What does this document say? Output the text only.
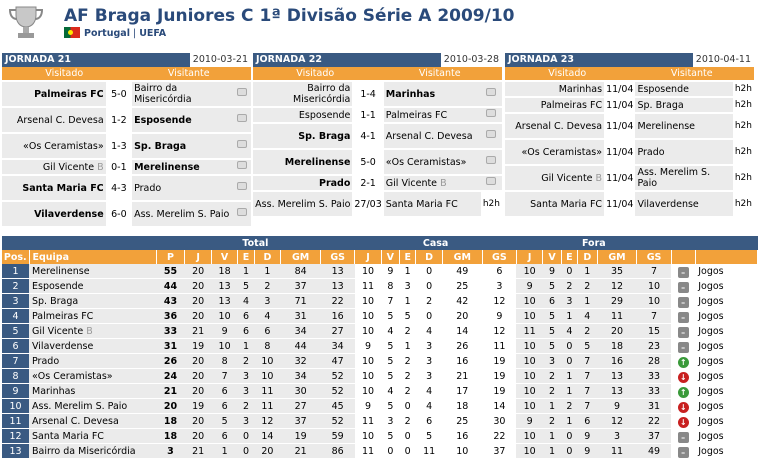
AF Braga Juniores C 1ª Divisão Série A 2009/10
Portugal | UEFA
JORNADA 21	2010-03-21
Visitado	Visitante
Palmeiras FC	5-0	Bairro da Misericórdia	
Arsenal C. Devesa	1-2	Esposende	
«Os Ceramistas»	1-3	Sp. Braga	
Gil Vicente B	0-1	Merelinense	
Santa Maria FC	4-3	Prado	
Vilaverdense	6-0	Ass. Merelim S. Paio	
JORNADA 22	2010-03-28
Visitado	Visitante
Bairro da Misericórdia	1-4	Marinhas	
Esposende	1-1	Palmeiras FC	
Sp. Braga	4-1	Arsenal C. Devesa	
Merelinense	5-0	«Os Ceramistas»	
Prado	2-1	Gil Vicente B	
Ass. Merelim S. Paio	27/03	Santa Maria FC	h2h
JORNADA 23	2010-04-11
Visitado	Visitante
Marinhas	11/04	Esposende	h2h
Palmeiras FC	11/04	Sp. Braga	h2h
Arsenal C. Devesa	11/04	Merelinense	h2h
«Os Ceramistas»	11/04	Prado	h2h
Gil Vicente B	11/04	Ass. Merelim S. Paio	h2h
Santa Maria FC	11/04	Vilaverdense	h2h
		Total							Casa						Fora							
Pos.	Equipa	P	J	V	E	D	GM	GS	J	V	E	D	GM	GS	J	V	E	D	GM	GS		
1	Merelinense	55	20	18	1	1	84	13	10	9	1	0	49	6	10	9	0	1	35	7	–	Jogos
2	Esposende	44	20	13	5	2	37	13	11	8	3	0	25	3	9	5	2	2	12	10	–	Jogos
3	Sp. Braga	43	20	13	4	3	71	22	10	7	1	2	42	12	10	6	3	1	29	10	–	Jogos
4	Palmeiras FC	36	20	10	6	4	31	16	10	5	5	0	20	9	10	5	1	4	11	7	–	Jogos
5	Gil Vicente B	33	21	9	6	6	34	27	10	4	2	4	14	12	11	5	4	2	20	15	–	Jogos
6	Vilaverdense	31	19	10	1	8	44	34	9	5	1	3	26	11	10	5	0	5	18	23	–	Jogos
7	Prado	26	20	8	2	10	32	47	10	5	2	3	16	19	10	3	0	7	16	28	↑	Jogos
8	«Os Ceramistas»	24	20	7	3	10	34	52	10	5	2	3	21	19	10	2	1	7	13	33	↓	Jogos
9	Marinhas	21	20	6	3	11	30	52	10	4	2	4	17	19	10	2	1	7	13	33	↑	Jogos
10	Ass. Merelim S. Paio	20	19	6	2	11	27	45	9	5	0	4	18	14	10	1	2	7	9	31	↓	Jogos
11	Arsenal C. Devesa	18	20	5	3	12	37	52	11	3	2	6	25	30	9	2	1	6	12	22	↓	Jogos
12	Santa Maria FC	18	20	6	0	14	19	59	10	5	0	5	16	22	10	1	0	9	3	37	–	Jogos
13	Bairro da Misericórdia	3	21	1	0	20	21	86	11	0	0	11	10	37	10	1	0	9	11	49	–	Jogos
